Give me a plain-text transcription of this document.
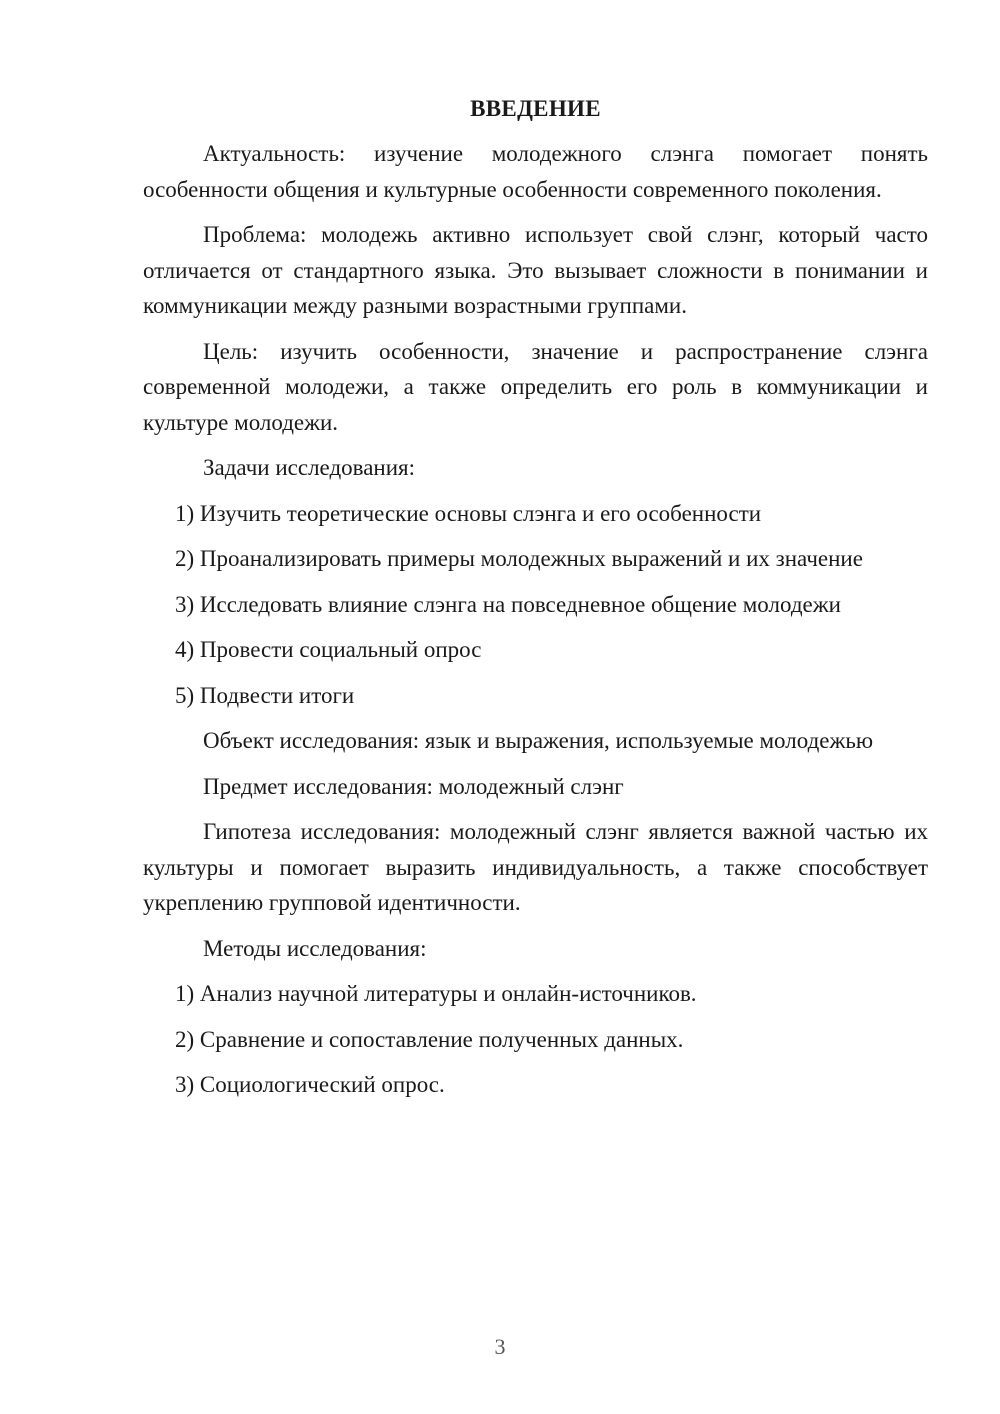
ВВЕДЕНИЕ

Актуальность: изучение молодежного слэнга помогает понять особенности общения и культурные особенности современного поколения.

Проблема: молодежь активно использует свой слэнг, который часто отличается от стандартного языка. Это вызывает сложности в понимании и коммуникации между разными возрастными группами.

Цель: изучить особенности, значение и распространение слэнга современной молодежи, а также определить его роль в коммуникации и культуре молодежи.

Задачи исследования:

1) Изучить теоретические основы слэнга и его особенности

2) Проанализировать примеры молодежных выражений и их значение

3) Исследовать влияние слэнга на повседневное общение молодежи

4) Провести социальный опрос

5) Подвести итоги

Объект исследования: язык и выражения, используемые молодежью

Предмет исследования: молодежный слэнг

Гипотеза исследования: молодежный слэнг является важной частью их культуры и помогает выразить индивидуальность, а также способствует укреплению групповой идентичности.

Методы исследования:

1) Анализ научной литературы и онлайн-источников.

2) Сравнение и сопоставление полученных данных.

3) Социологический опрос.

3
